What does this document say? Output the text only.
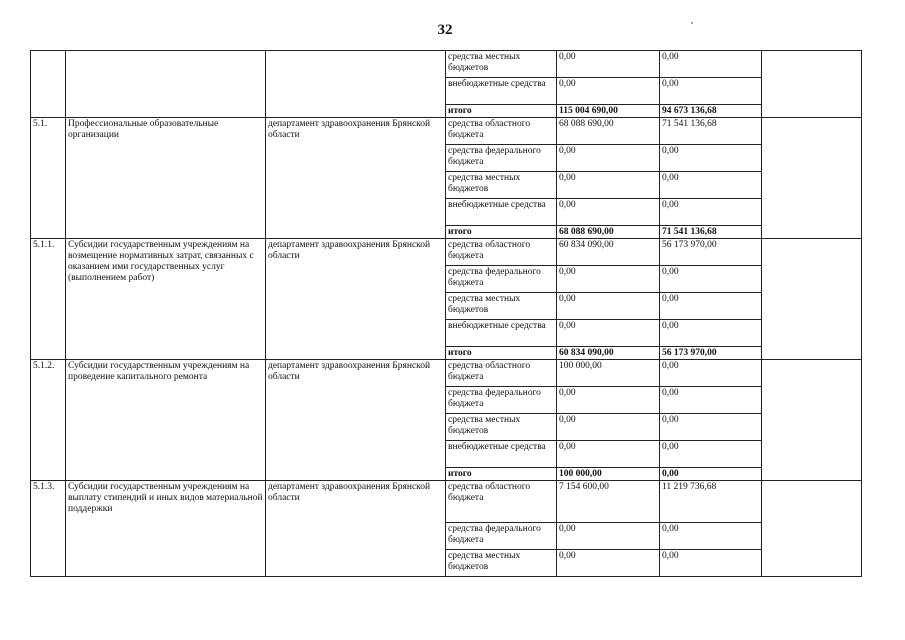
32
			средства местных бюджетов	0,00	0,00	
			внебюджетные средства	0,00	0,00	
			итого	115 004 690,00	94 673 136,68	
5.1.	Профессиональные образовательные организации	департамент здравоохранения Брянской области	средства областного бюджета	68 088 690,00	71 541 136,68	
			средства федерального бюджета	0,00	0,00	
			средства местных бюджетов	0,00	0,00	
			внебюджетные средства	0,00	0,00	
			итого	68 088 690,00	71 541 136,68	
5.1.1.	Субсидии государственным учреждениям на возмещение нормативных затрат, связанных с оказанием ими государственных услуг (выполнением работ)	департамент здравоохранения Брянской области	средства областного бюджета	60 834 090,00	56 173 970,00	
			средства федерального бюджета	0,00	0,00	
			средства местных бюджетов	0,00	0,00	
			внебюджетные средства	0,00	0,00	
			итого	60 834 090,00	56 173 970,00	
5.1.2.	Субсидии государственным учреждениям на проведение капитального ремонта	департамент здравоохранения Брянской области	средства областного бюджета	100 000,00	0,00	
			средства федерального бюджета	0,00	0,00	
			средства местных бюджетов	0,00	0,00	
			внебюджетные средства	0,00	0,00	
			итого	100 000,00	0,00	
5.1.3.	Субсидии государственным учреждениям на выплату стипендий и иных видов материальной поддержки	департамент здравоохранения Брянской области	средства областного бюджета	7 154 600,00	11 219 736,68	
			средства федерального бюджета	0,00	0,00	
			средства местных бюджетов	0,00	0,00	
